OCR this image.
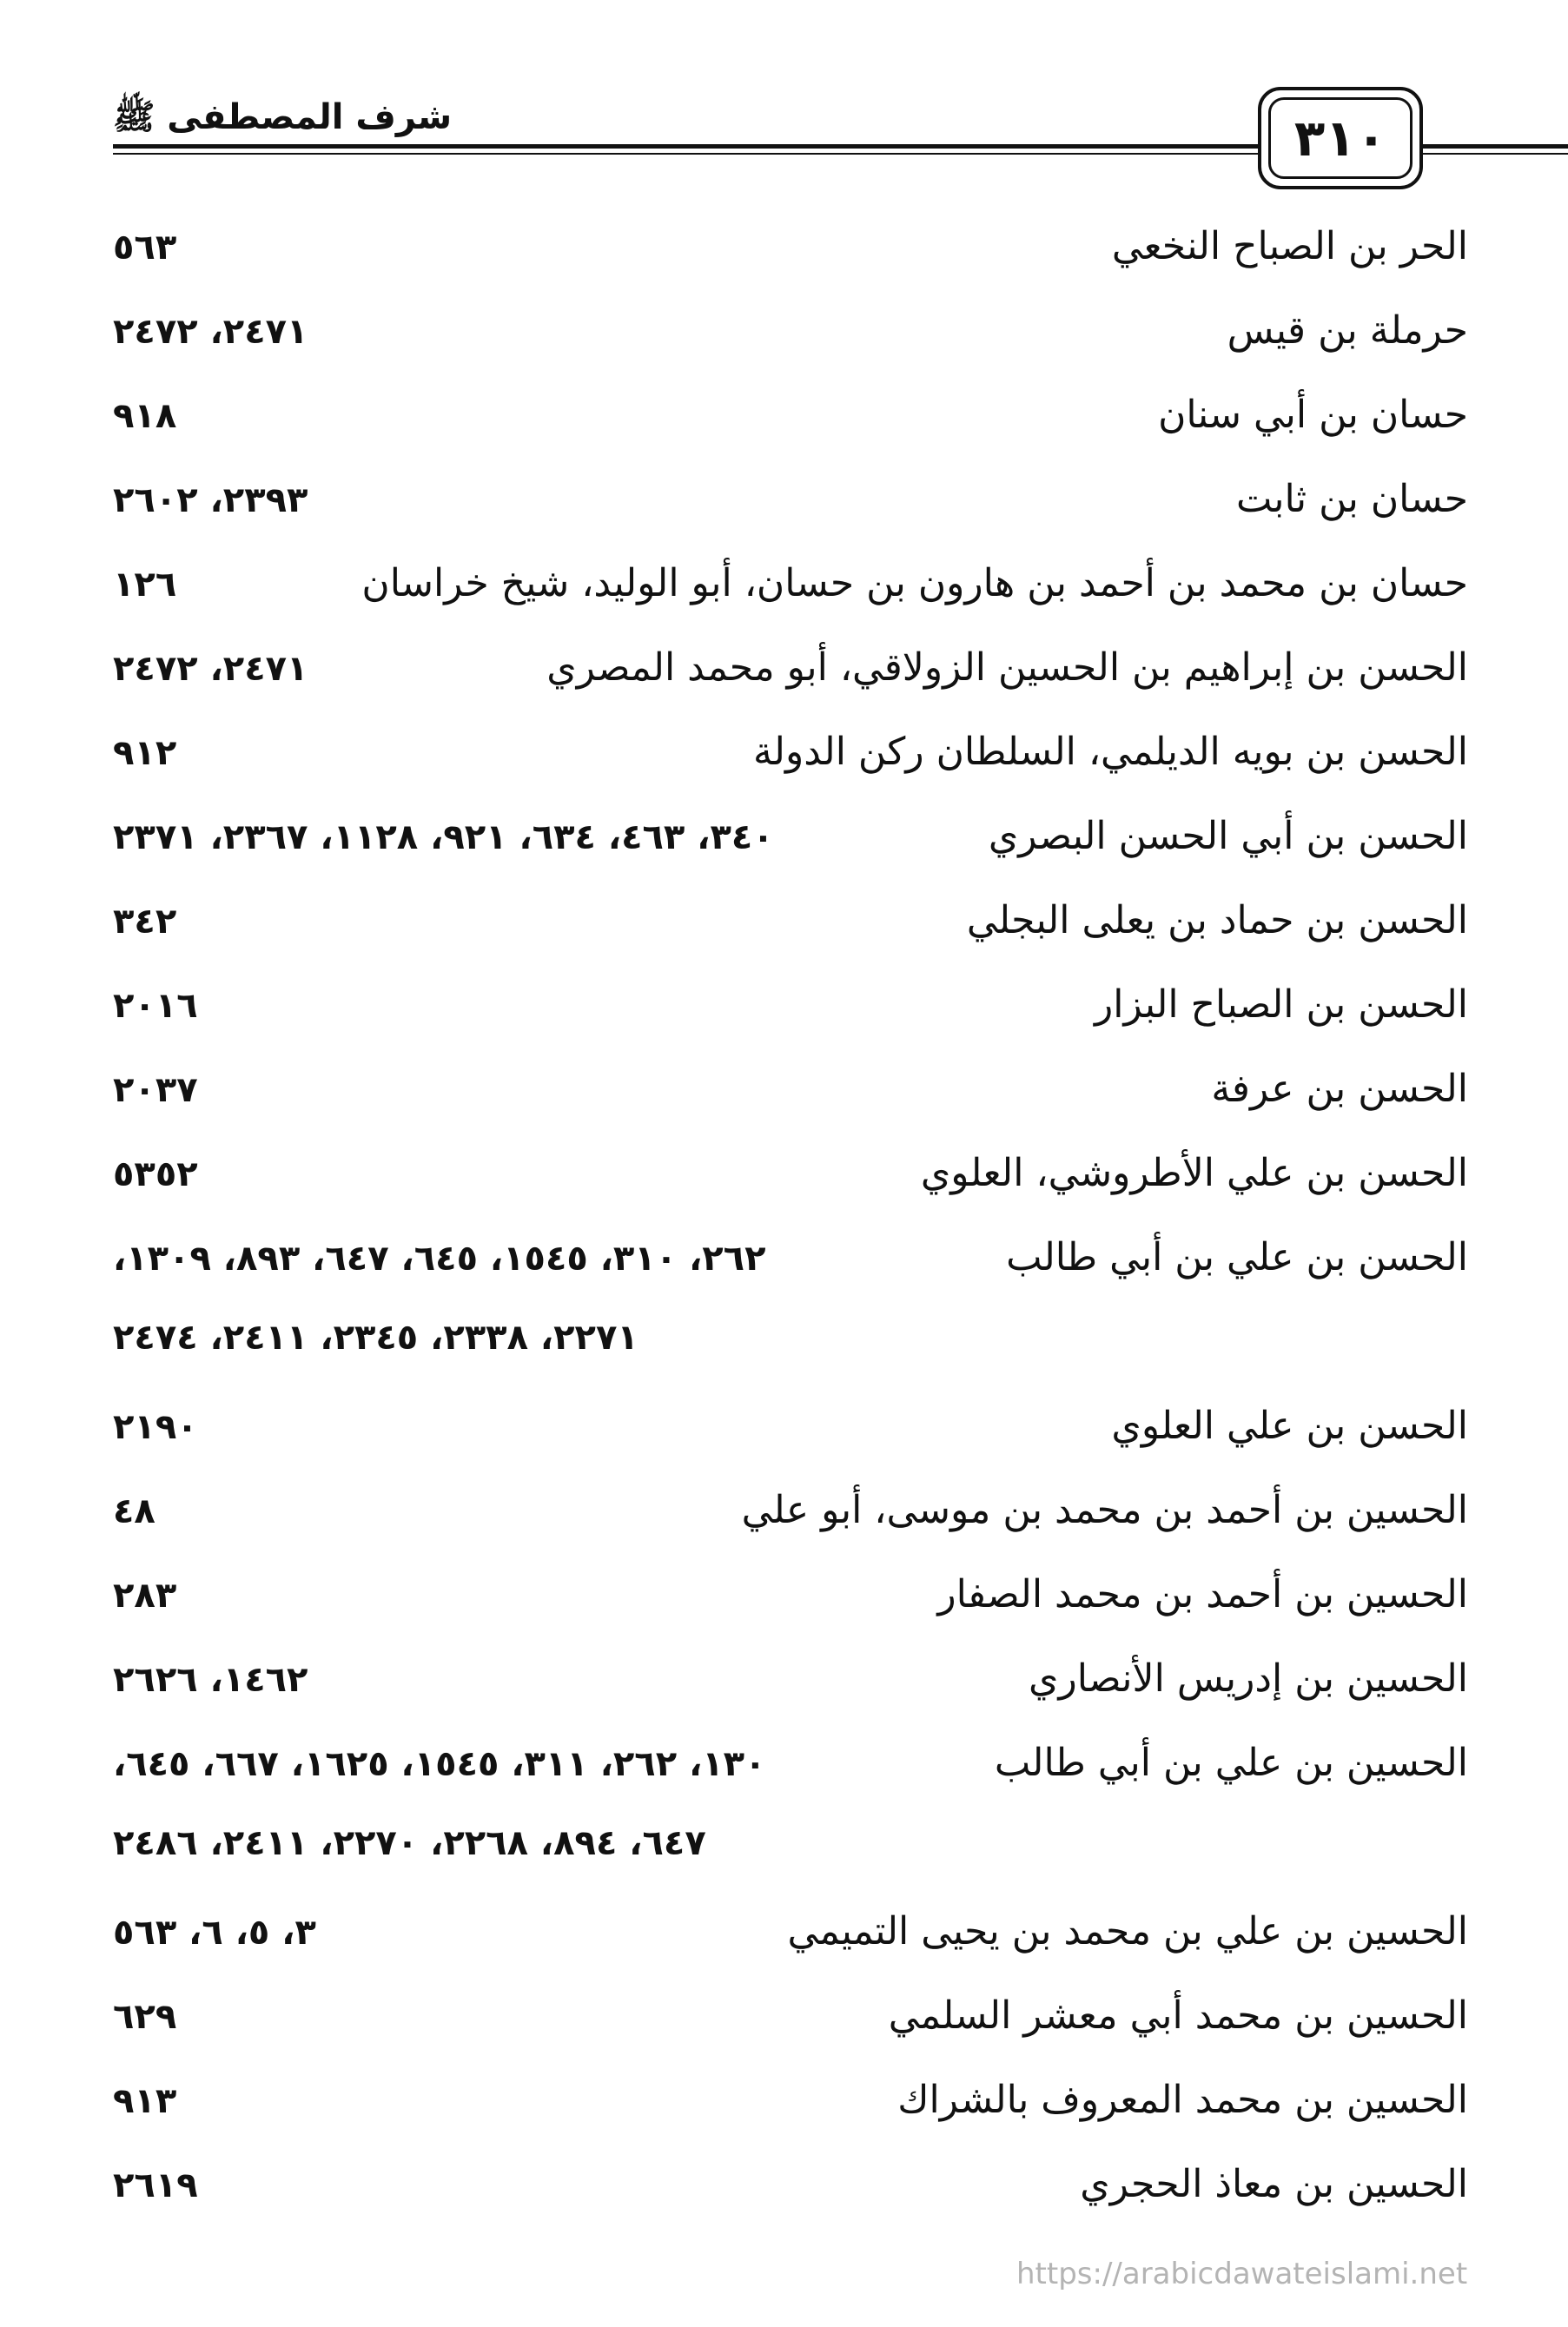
شرف المصطفى ﷺ	٣١٠
الحر بن الصباح النخعي
٥٦٣
حرملة بن قيس
٢٤٧١، ٢٤٧٢
حسان بن أبي سنان
٩١٨
حسان بن ثابت
٢٣٩٣، ٢٦٠٢
حسان بن محمد بن أحمد بن هارون بن حسان، أبو الوليد، شيخ خراسان
١٢٦
الحسن بن إبراهيم بن الحسين الزولاقي، أبو محمد المصري
٢٤٧١، ٢٤٧٢
الحسن بن بويه الديلمي، السلطان ركن الدولة
٩١٢
الحسن بن أبي الحسن البصري
٣٤٠، ٤٦٣، ٦٣٤، ٩٢١، ١١٢٨، ٢٣٦٧، ٢٣٧١
الحسن بن حماد بن يعلى البجلي
٣٤٢
الحسن بن الصباح البزار
٢٠١٦
الحسن بن عرفة
٢٠٣٧
الحسن بن علي الأطروشي، العلوي
٥٣٥٢
الحسن بن علي بن أبي طالب
٢٦٢، ٣١٠، ١٥٤٥، ٦٤٥، ٦٤٧، ٨٩٣، ١٣٠٩،
٢٢٧١، ٢٣٣٨، ٢٣٤٥، ٢٤١١، ٢٤٧٤
الحسن بن علي العلوي
٢١٩٠
الحسين بن أحمد بن محمد بن موسى، أبو علي
٤٨
الحسين بن أحمد بن محمد الصفار
٢٨٣
الحسين بن إدريس الأنصاري
١٤٦٢، ٢٦٢٦
الحسين بن علي بن أبي طالب
١٣٠، ٢٦٢، ٣١١، ١٥٤٥، ١٦٢٥، ٦٦٧، ٦٤٥،
٦٤٧، ٨٩٤، ٢٢٦٨، ٢٢٧٠، ٢٤١١، ٢٤٨٦
الحسين بن علي بن محمد بن يحيى التميمي
٣، ٥، ٦، ٥٦٣
الحسين بن محمد أبي معشر السلمي
٦٢٩
الحسين بن محمد المعروف بالشراك
٩١٣
الحسين بن معاذ الحجري
٢٦١٩
https://arabicdawateislami.net
